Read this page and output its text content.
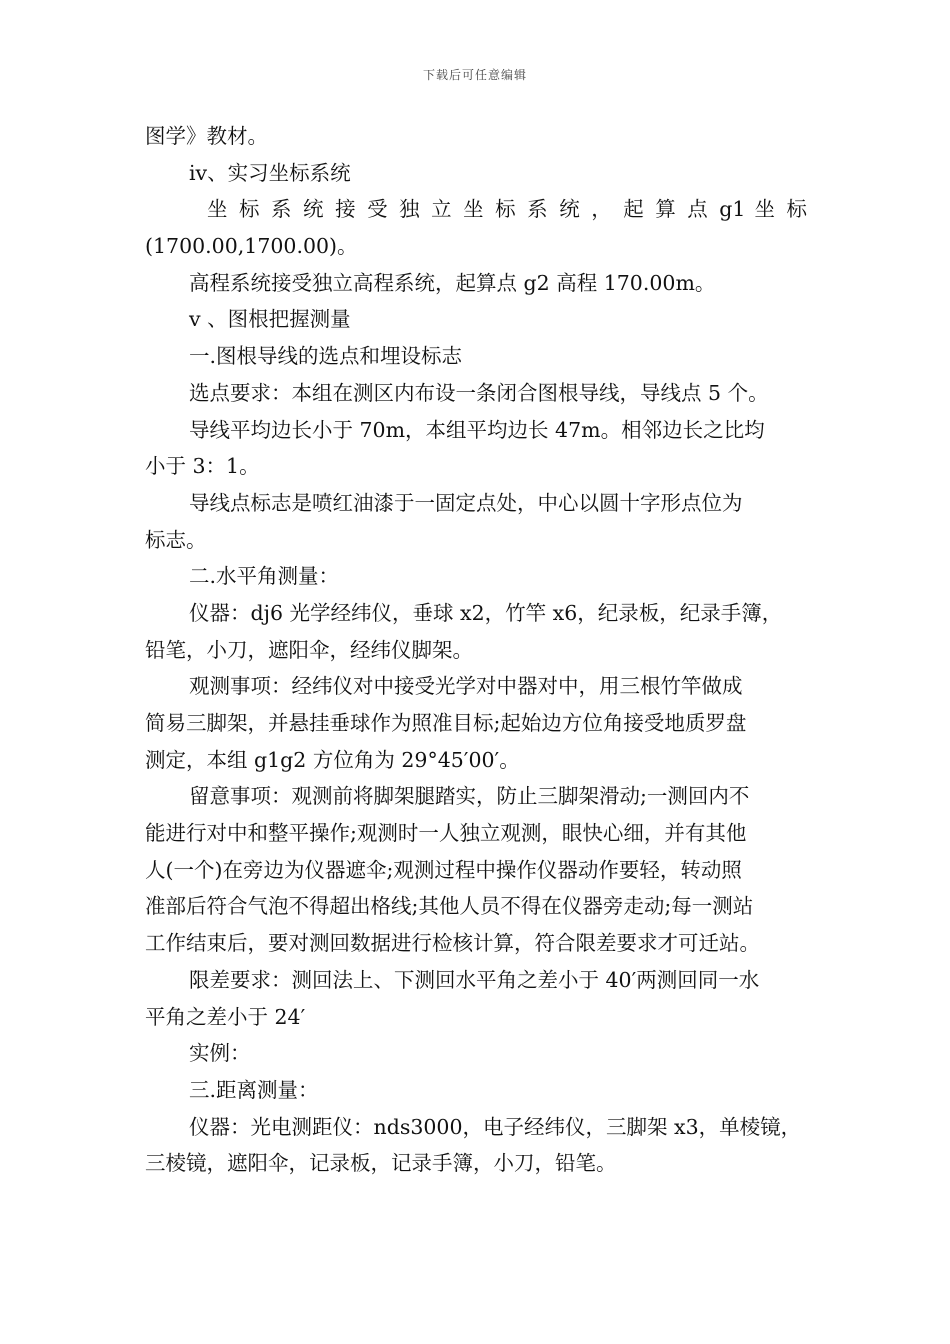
下载后可任意编辑
图学》教材。
iv、实习坐标系统
坐 标 系 统 接 受 独 立 坐 标 系 统 ， 起 算 点 g1 坐 标
(1700.00,1700.00)。
高程系统接受独立高程系统，起算点 g2 高程 170.00m。
v 、图根把握测量
一.图根导线的选点和埋设标志
选点要求：本组在测区内布设一条闭合图根导线，导线点 5 个。
导线平均边长小于 70m，本组平均边长 47m。相邻边长之比均
小于 3：1。
导线点标志是喷红油漆于一固定点处，中心以圆十字形点位为
标志。
二.水平角测量：
仪器：dj6 光学经纬仪，垂球 x2，竹竿 x6，纪录板，纪录手簿，
铅笔，小刀，遮阳伞，经纬仪脚架。
观测事项：经纬仪对中接受光学对中器对中，用三根竹竿做成
简易三脚架，并悬挂垂球作为照准目标;起始边方位角接受地质罗盘
测定，本组 g1g2 方位角为 29°45′00′。
留意事项：观测前将脚架腿踏实，防止三脚架滑动;一测回内不
能进行对中和整平操作;观测时一人独立观测，眼快心细，并有其他
人(一个)在旁边为仪器遮伞;观测过程中操作仪器动作要轻，转动照
准部后符合气泡不得超出格线;其他人员不得在仪器旁走动;每一测站
工作结束后，要对测回数据进行检核计算，符合限差要求才可迁站。
限差要求：测回法上、下测回水平角之差小于 40′两测回同一水
平角之差小于 24′
实例：
三.距离测量：
仪器：光电测距仪：nds3000，电子经纬仪，三脚架 x3，单棱镜，
三棱镜，遮阳伞，记录板，记录手簿，小刀，铅笔。
